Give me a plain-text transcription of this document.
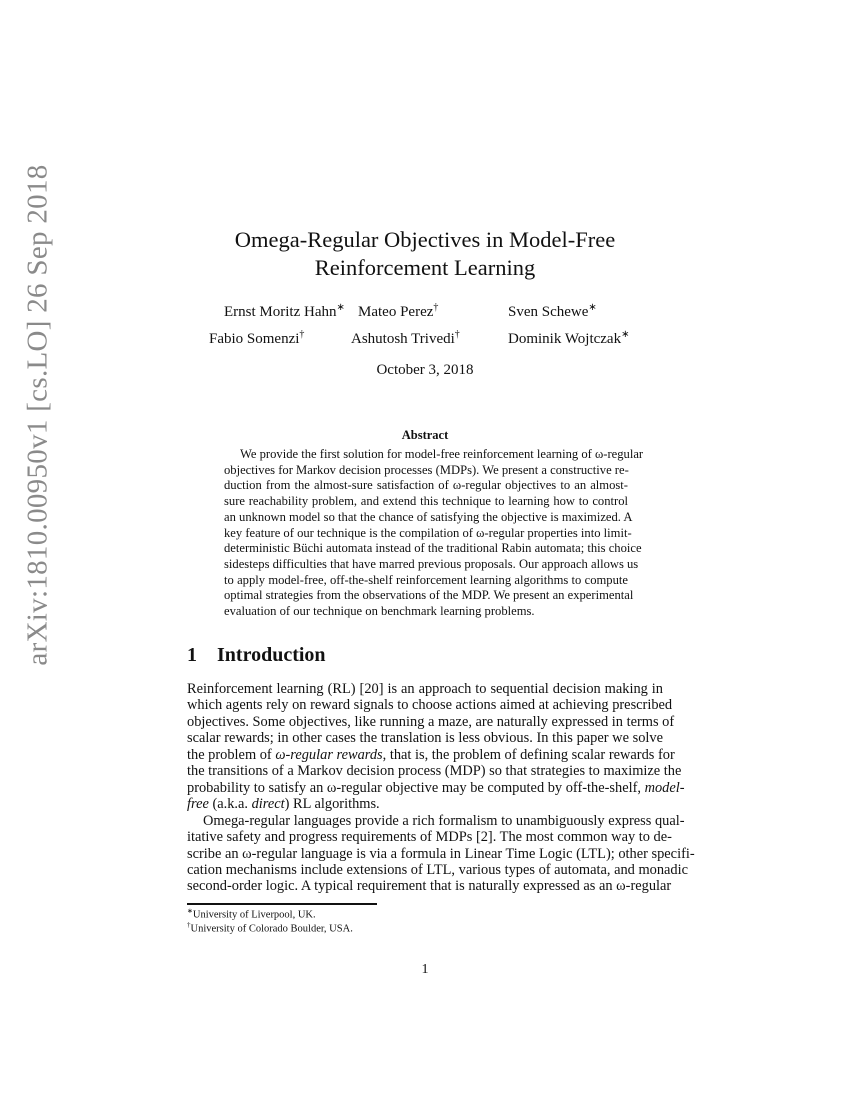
arXiv:1810.00950v1 [cs.LO] 26 Sep 2018	Omega-Regular Objectives in Model-Free
Reinforcement Learning
Ernst Moritz Hahn∗ Mateo Perez†	Sven Schewe∗
Fabio Somenzi†	Ashutosh Trivedi†	Dominik Wojtczak∗
October 3, 2018
Abstract
We provide the first solution for model-free reinforcement learning of ω-regular
objectives for Markov decision processes (MDPs). We present a constructive re-
duction from the almost-sure satisfaction of ω-regular objectives to an almost-
sure reachability problem, and extend this technique to learning how to control
an unknown model so that the chance of satisfying the objective is maximized. A
key feature of our technique is the compilation of ω-regular properties into limit-
deterministic Büchi automata instead of the traditional Rabin automata; this choice
sidesteps difficulties that have marred previous proposals. Our approach allows us
to apply model-free, off-the-shelf reinforcement learning algorithms to compute
optimal strategies from the observations of the MDP. We present an experimental
evaluation of our technique on benchmark learning problems.
1 Introduction
Reinforcement learning (RL) [20] is an approach to sequential decision making in
which agents rely on reward signals to choose actions aimed at achieving prescribed
objectives. Some objectives, like running a maze, are naturally expressed in terms of
scalar rewards; in other cases the translation is less obvious. In this paper we solve
the problem of ω-regular rewards, that is, the problem of defining scalar rewards for
the transitions of a Markov decision process (MDP) so that strategies to maximize the
probability to satisfy an ω-regular objective may be computed by off-the-shelf, model-
free (a.k.a. direct) RL algorithms.
Omega-regular languages provide a rich formalism to unambiguously express qual-
itative safety and progress requirements of MDPs [2]. The most common way to de-
scribe an ω-regular language is via a formula in Linear Time Logic (LTL); other specifi-
cation mechanisms include extensions of LTL, various types of automata, and monadic
second-order logic. A typical requirement that is naturally expressed as an ω-regular
∗University of Liverpool, UK.
†University of Colorado Boulder, USA.
1
